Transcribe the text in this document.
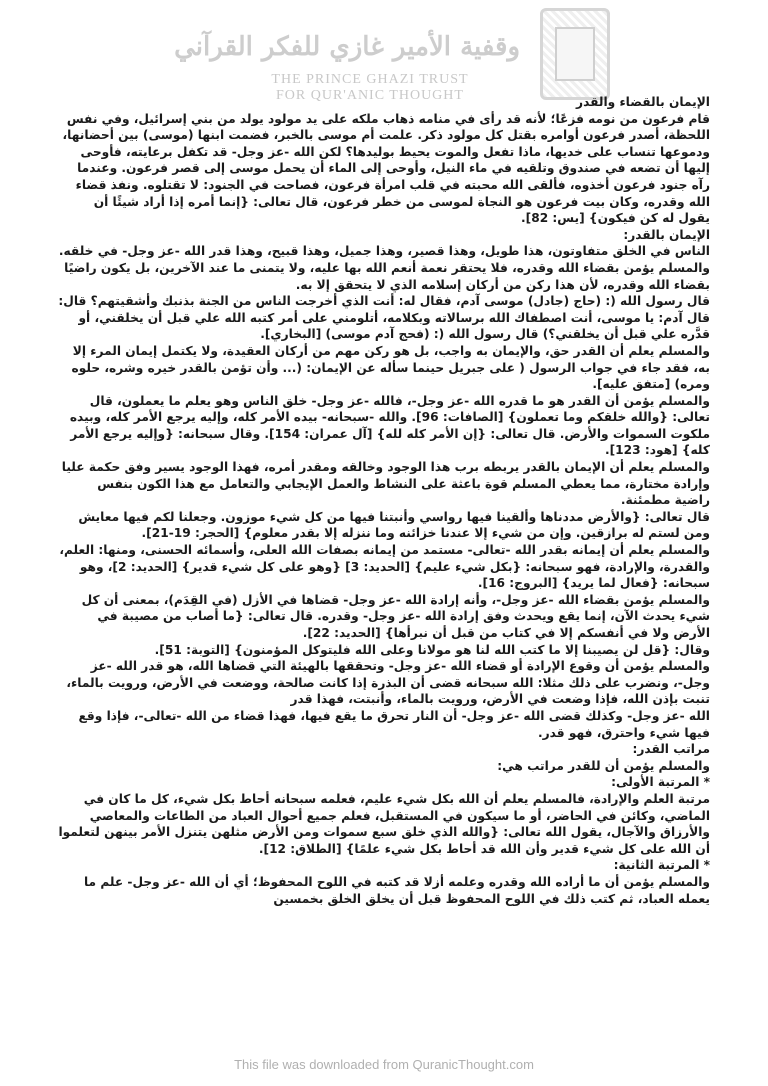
وقفية الأمير غازي للفكر القرآني
THE PRINCE GHAZI TRUST
FOR QUR'ANIC THOUGHT	الإيمان بالقضاء والقدر

قام فرعون من نومه فزعًا؛ لأنه قد رأى في منامه ذهاب ملكه على يد مولود يولد من بني إسرائيل، وفي نفس اللحظة، أصدر فرعون أوامره بقتل كل مولود ذكر. علمت أم موسى بالخبر، فضمت ابنها (موسى) بين أحضانها، ودموعها تنساب على خديها، ماذا تفعل والموت يحيط بوليدها؟ لكن الله -عز وجل- قد تكفل برعايته، فأوحى إليها أن تضعه في صندوق وتلقيه في ماء النيل، وأوحى إلى الماء أن يحمل موسى إلى قصر فرعون. وعندما رآه جنود فرعون أخذوه، فألقى الله محبته في قلب امرأة فرعون، فصاحت في الجنود: لا تقتلوه. ونفذ قضاء الله وقدره، وكان بيت فرعون هو النجاة لموسى من خطر فرعون، قال تعالى: {إنما أمره إذا أراد شيئًا أن يقول له كن فيكون} [يس: 82].

الإيمان بالقدر:

الناس في الخلق متفاوتون، هذا طويل، وهذا قصير، وهذا جميل، وهذا قبيح، وهذا قدر الله -عز وجل- في خلقه. والمسلم يؤمن بقضاء الله وقدره، فلا يحتقر نعمة أنعم الله بها عليه، ولا يتمنى ما عند الآخرين، بل يكون راضيًا بقضاء الله وقدره، لأن هذا ركن من أركان إسلامه الذي لا يتحقق إلا به.

قال رسول الله (: (حاج (جادل) موسى آدم، فقال له: أنت الذي أخرجت الناس من الجنة بذنبك وأشقيتهم؟ قال: قال آدم: يا موسى، أنت اصطفاك الله برسالاته وبكلامه، أتلومني على أمر كتبه الله علي قبل أن يخلقني، أو قدَّره علي قبل أن يخلقني؟) قال رسول الله (: (فحج آدم موسى) [البخاري].

والمسلم يعلم أن القدر حق، والإيمان به واجب، بل هو ركن مهم من أركان العقيدة، ولا يكتمل إيمان المرء إلا به، فقد جاء في جواب الرسول ( على جبريل حينما سأله عن الإيمان: (... وأن تؤمن بالقدر خيره وشره، حلوه ومره) [متفق عليه].

والمسلم يؤمن أن القدر هو ما قدره الله -عز وجل-، فالله -عز وجل- خلق الناس وهو يعلم ما يعملون، قال تعالى: {والله خلقكم وما تعملون} [الصافات: 96]. والله -سبحانه- بيده الأمر كله، وإليه يرجع الأمر كله، وبيده ملكوت السموات والأرض. قال تعالى: {إن الأمر كله لله} [آل عمران: 154]. وقال سبحانه: {وإليه يرجع الأمر كله} [هود: 123].

والمسلم يعلم أن الإيمان بالقدر يربطه برب هذا الوجود وخالقه ومقدر أمره، فهذا الوجود يسير وفق حكمة عليا وإرادة مختارة، مما يعطي المسلم قوة باعثة على النشاط والعمل الإيجابي والتعامل مع هذا الكون بنفس راضية مطمئنة.

قال تعالى: {والأرض مددناها وألقينا فيها رواسي وأنبتنا فيها من كل شيء موزون. وجعلنا لكم فيها معايش ومن لستم له برازقين. وإن من شيء إلا عندنا خزائنه وما ننزله إلا بقدر معلوم} [الحجر: 19-21].

والمسلم يعلم أن إيمانه بقدر الله -تعالى- مستمد من إيمانه بصفات الله العلى، وأسمائه الحسنى، ومنها: العلم، والقدرة، والإرادة، فهو سبحانه: {بكل شيء عليم} [الحديد: 3] {وهو على كل شيء قدير} [الحديد: 2]، وهو سبحانه: {فعال لما يريد} [البروج: 16].

والمسلم يؤمن بقضاء الله -عز وجل-، وأنه إرادة الله -عز وجل- قضاها في الأزل (في القِدَم)، بمعنى أن كل شيء يحدث الآن، إنما يقع ويحدث وفق إرادة الله -عز وجل- وقدره. قال تعالى: {ما أصاب من مصيبة في الأرض ولا في أنفسكم إلا في كتاب من قبل أن نبرأها} [الحديد: 22].

وقال: {قل لن يصيبنا إلا ما كتب الله لنا هو مولانا وعلى الله فليتوكل المؤمنون} [التوبة: 51].

والمسلم يؤمن أن وقوع الإرادة أو قضاء الله -عز وجل- وتحققها بالهيئة التي قضاها الله، هو قدر الله -عز وجل-، ونضرب على ذلك مثلا: الله سبحانه قضى أن البذرة إذا كانت صالحة، ووضعت في الأرض، ورويت بالماء، تنبت بإذن الله، فإذا وضعت في الأرض، ورويت بالماء، وأنبتت، فهذا قدر

الله -عز وجل- وكذلك قضى الله -عز وجل- أن النار تحرق ما يقع فيها، فهذا قضاء من الله -تعالى-، فإذا وقع فيها شيء واحترق، فهو قدر.

مراتب القدر:

والمسلم يؤمن أن للقدر مراتب هي:

* المرتبة الأولى:

مرتبة العلم والإرادة، فالمسلم يعلم أن الله بكل شيء عليم، فعلمه سبحانه أحاط بكل شيء، كل ما كان في الماضي، وكائن في الحاضر، أو ما سيكون في المستقبل، فعلم جميع أحوال العباد من الطاعات والمعاصي والأرزاق والآجال، يقول الله تعالى: {والله الذي خلق سبع سموات ومن الأرض مثلهن يتنزل الأمر بينهن لتعلموا أن الله على كل شيء قدير وأن الله قد أحاط بكل شيء علمًا} [الطلاق: 12].

* المرتبة الثانية:

والمسلم يؤمن أن ما أراده الله وقدره وعلمه أزلا قد كتبه في اللوح المحفوظ؛ أي أن الله -عز وجل- علم ما يعمله العباد، ثم كتب ذلك في اللوح المحفوظ قبل أن يخلق الخلق بخمسين

This file was downloaded from QuranicThought.com
